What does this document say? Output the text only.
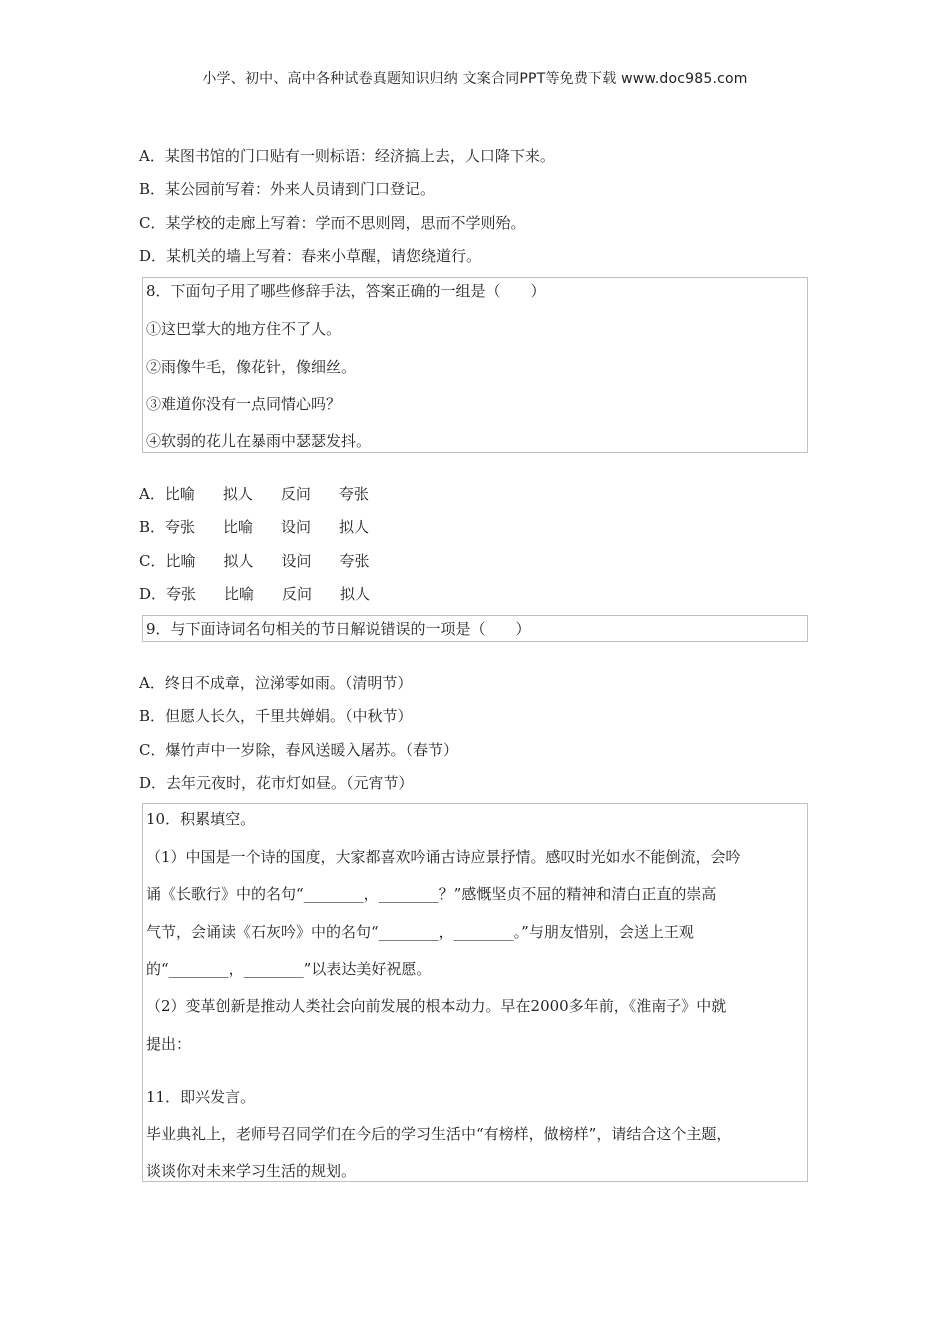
小学、初中、高中各种试卷真题知识归纳 文案合同PPT等免费下载 www.doc985.com
A．某图书馆的门口贴有一则标语：经济搞上去，人口降下来。
B．某公园前写着：外来人员请到门口登记。
C．某学校的走廊上写着：学而不思则罔，思而不学则殆。
D．某机关的墙上写着：春来小草醒，请您绕道行。
8．下面句子用了哪些修辞手法，答案正确的一组是（　　）
①这巴掌大的地方住不了人。
②雨像牛毛，像花针，像细丝。
③难道你没有一点同情心吗？
④软弱的花儿在暴雨中瑟瑟发抖。
A．比喻 拟人 反问 夸张
B．夸张 比喻 设问 拟人
C．比喻 拟人 设问 夸张
D．夸张 比喻 反问 拟人
9．与下面诗词名句相关的节日解说错误的一项是（　　）
A．终日不成章，泣涕零如雨。（清明节）
B．但愿人长久，千里共婵娟。（中秋节）
C．爆竹声中一岁除，春风送暖入屠苏。（春节）
D．去年元夜时，花市灯如昼。（元宵节）
10．积累填空。
（1）中国是一个诗的国度，大家都喜欢吟诵古诗应景抒情。感叹时光如水不能倒流，会吟
诵《长歌行》中的名句“________，________？”感慨坚贞不屈的精神和清白正直的崇高
气节，会诵读《石灰吟》中的名句“________，________。”与朋友惜别，会送上王观
的“________，________”以表达美好祝愿。
（2）变革创新是推动人类社会向前发展的根本动力。早在2000多年前，《淮南子》中就
提出：
11．即兴发言。
毕业典礼上，老师号召同学们在今后的学习生活中“有榜样，做榜样”，请结合这个主题，
谈谈你对未来学习生活的规划。
